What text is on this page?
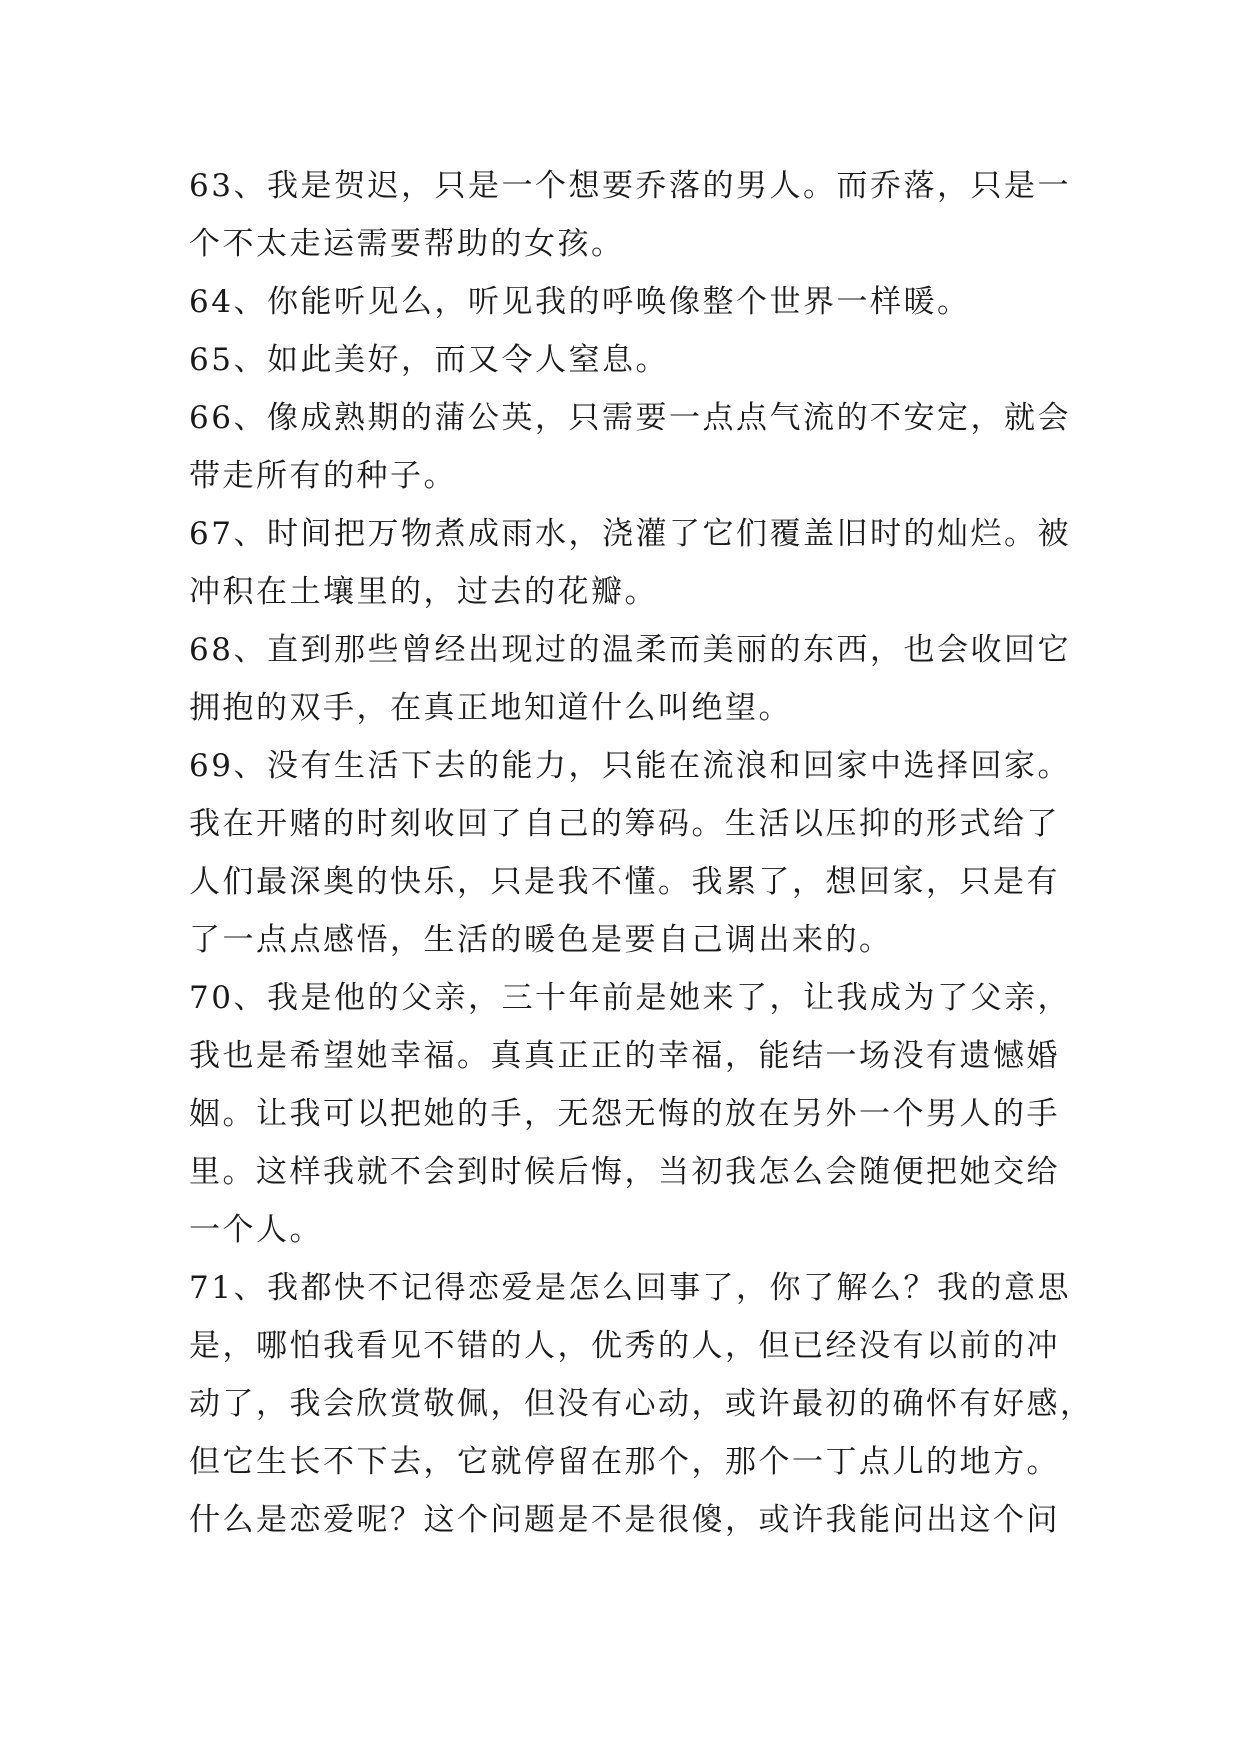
63、我是贺迟，只是一个想要乔落的男人。而乔落，只是一
个不太走运需要帮助的女孩。
64、你能听见么，听见我的呼唤像整个世界一样暖。
65、如此美好，而又令人窒息。
66、像成熟期的蒲公英，只需要一点点气流的不安定，就会
带走所有的种子。
67、时间把万物煮成雨水，浇灌了它们覆盖旧时的灿烂。被
冲积在土壤里的，过去的花瓣。
68、直到那些曾经出现过的温柔而美丽的东西，也会收回它
拥抱的双手，在真正地知道什么叫绝望。
69、没有生活下去的能力，只能在流浪和回家中选择回家。
我在开赌的时刻收回了自己的筹码。生活以压抑的形式给了
人们最深奥的快乐，只是我不懂。我累了，想回家，只是有
了一点点感悟，生活的暖色是要自己调出来的。
70、我是他的父亲，三十年前是她来了，让我成为了父亲，
我也是希望她幸福。真真正正的幸福，能结一场没有遗憾婚
姻。让我可以把她的手，无怨无悔的放在另外一个男人的手
里。这样我就不会到时候后悔，当初我怎么会随便把她交给
一个人。
71、我都快不记得恋爱是怎么回事了，你了解么？我的意思
是，哪怕我看见不错的人，优秀的人，但已经没有以前的冲
动了，我会欣赏敬佩，但没有心动，或许最初的确怀有好感，
但它生长不下去，它就停留在那个，那个一丁点儿的地方。
什么是恋爱呢？这个问题是不是很傻，或许我能问出这个问
